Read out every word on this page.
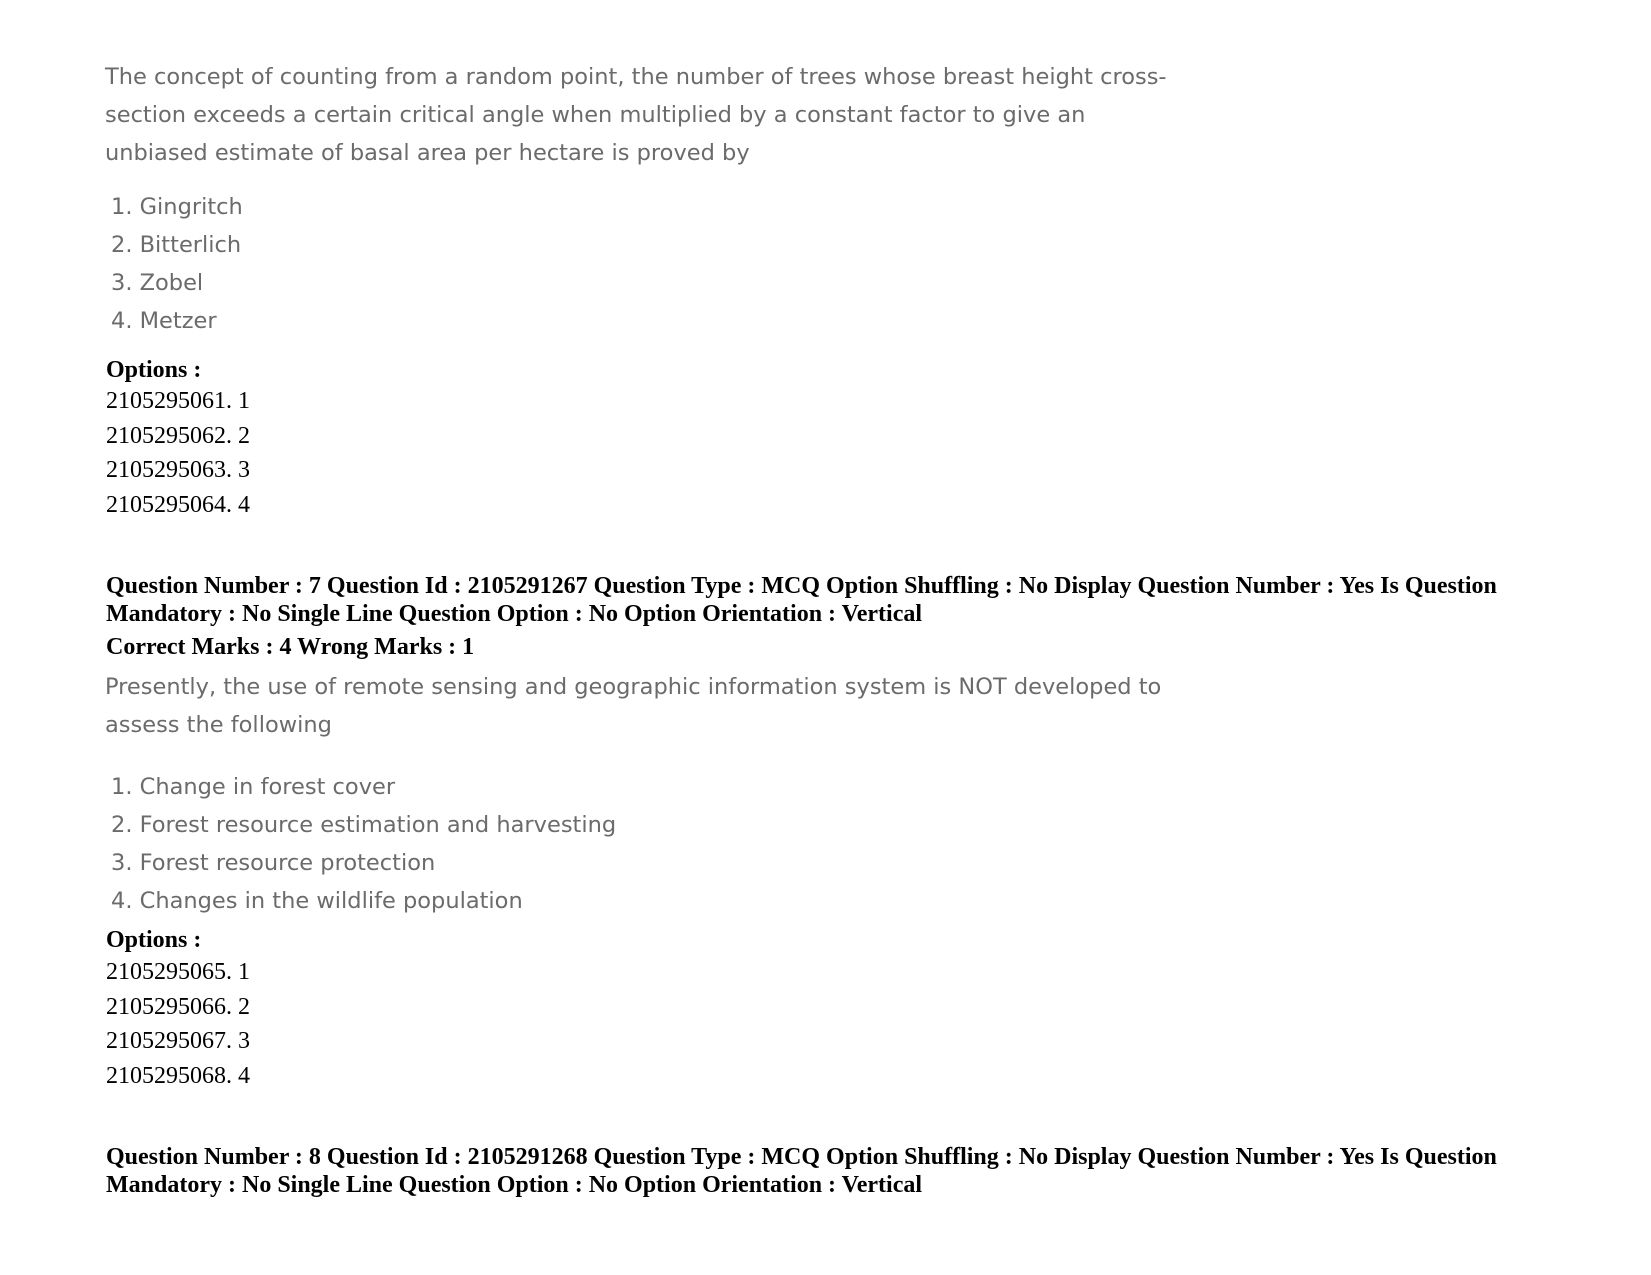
The concept of counting from a random point, the number of trees whose breast height cross-
section exceeds a certain critical angle when multiplied by a constant factor to give an
unbiased estimate of basal area per hectare is proved by
1. Gingritch
2. Bitterlich
3. Zobel
4. Metzer

Options :

2105295061. 1
2105295062. 2
2105295063. 3
2105295064. 4
Question Number : 7 Question Id : 2105291267 Question Type : MCQ Option Shuffling : No Display Question Number : Yes Is Question
Mandatory : No Single Line Question Option : No Option Orientation : Vertical

Correct Marks : 4 Wrong Marks : 1

Presently, the use of remote sensing and geographic information system is NOT developed to
assess the following
1. Change in forest cover
2. Forest resource estimation and harvesting
3. Forest resource protection
4. Changes in the wildlife population

Options :

2105295065. 1
2105295066. 2
2105295067. 3
2105295068. 4
Question Number : 8 Question Id : 2105291268 Question Type : MCQ Option Shuffling : No Display Question Number : Yes Is Question
Mandatory : No Single Line Question Option : No Option Orientation : Vertical
